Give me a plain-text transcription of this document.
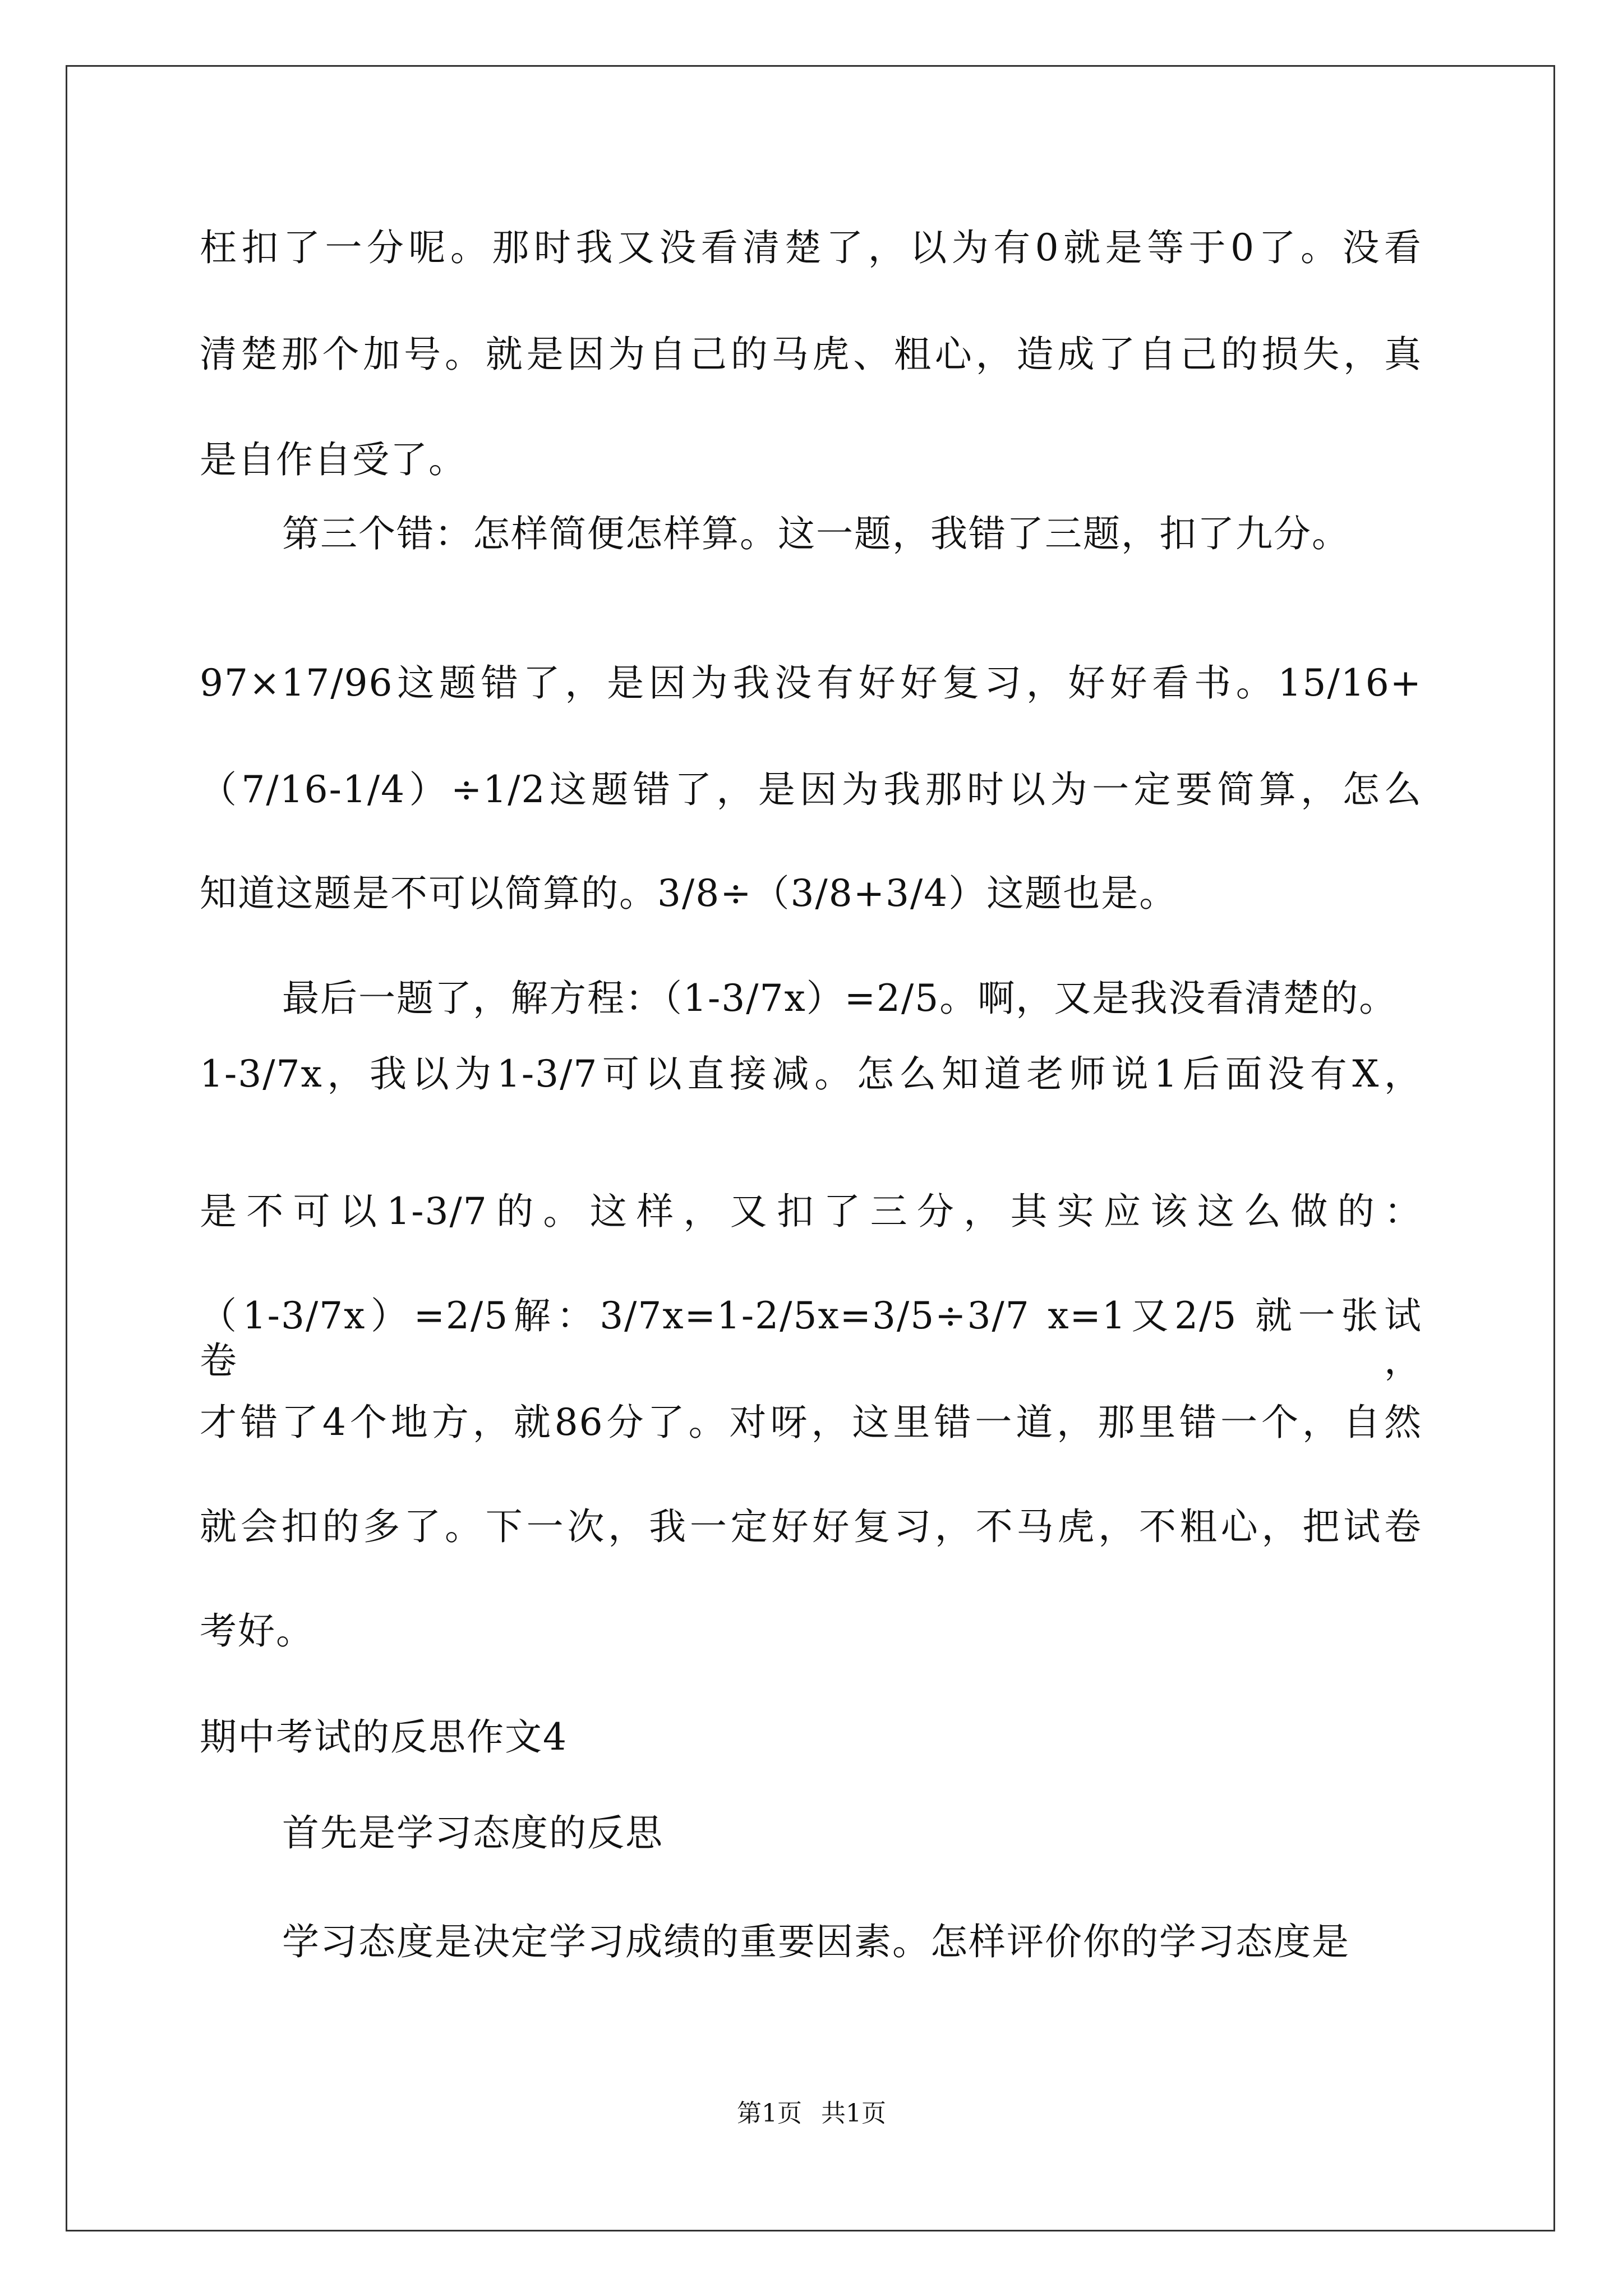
枉扣了一分呢。那时我又没看清楚了，以为有0就是等于0了。没看
清楚那个加号。就是因为自己的马虎、粗心，造成了自己的损失，真
是自作自受了。
第三个错：怎样简便怎样算。这一题，我错了三题，扣了九分。
97×17/96这题错了，是因为我没有好好复习，好好看书。15/16+
（7/16-1/4）÷1/2这题错了，是因为我那时以为一定要简算，怎么
知道这题是不可以简算的。3/8÷（3/8+3/4）这题也是。
最后一题了，解方程：（1-3/7x）=2/5。啊，又是我没看清楚的。
1-3/7x，我以为1-3/7可以直接减。怎么知道老师说1后面没有X，
是不可以1-3/7的。这样，又扣了三分，其实应该这么做的：
（1-3/7x）=2/5解：3/7x=1-2/5x=3/5÷3/7 x=1又2/5 就一张试卷，
才错了4个地方，就86分了。对呀，这里错一道，那里错一个，自然
就会扣的多了。下一次，我一定好好复习，不马虎，不粗心，把试卷
考好。
期中考试的反思作文4
首先是学习态度的反思
学习态度是决定学习成绩的重要因素。怎样评价你的学习态度是
第1页 共1页
